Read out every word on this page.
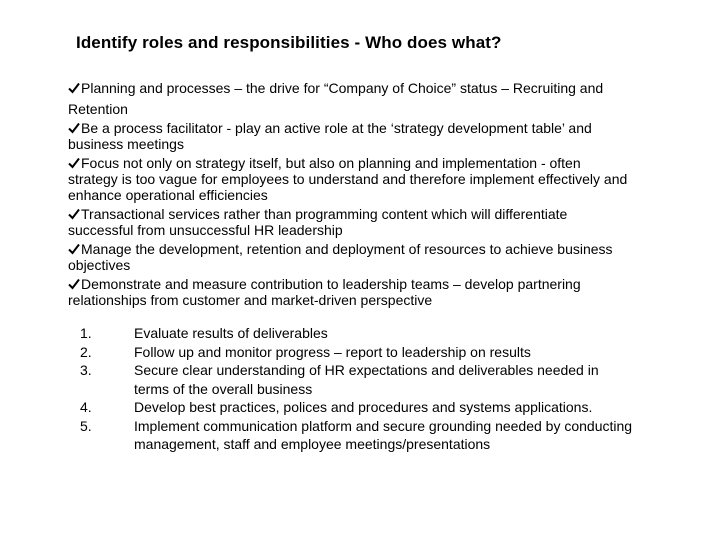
Identify roles and responsibilities - Who does what?
Planning and processes – the drive for “Company of Choice” status – Recruiting and Retention
Be a process facilitator - play an active role at the ‘strategy development table’ and business meetings
Focus not only on strategy itself, but also on planning and implementation - often strategy is too vague for employees to understand and therefore implement effectively and enhance operational efficiencies
Transactional services rather than programming content which will differentiate successful from unsuccessful HR leadership
Manage the development, retention and deployment of resources to achieve business objectives
Demonstrate and measure contribution to leadership teams – develop partnering relationships from customer and market-driven perspective
1.	Evaluate results of deliverables
2.	Follow up and monitor progress – report to leadership on results
3.	Secure clear understanding of HR expectations and deliverables needed in terms of the overall business
4.	Develop best practices, polices and procedures and systems applications.
5.	Implement communication platform and secure grounding needed by conducting management, staff and employee meetings/presentations
